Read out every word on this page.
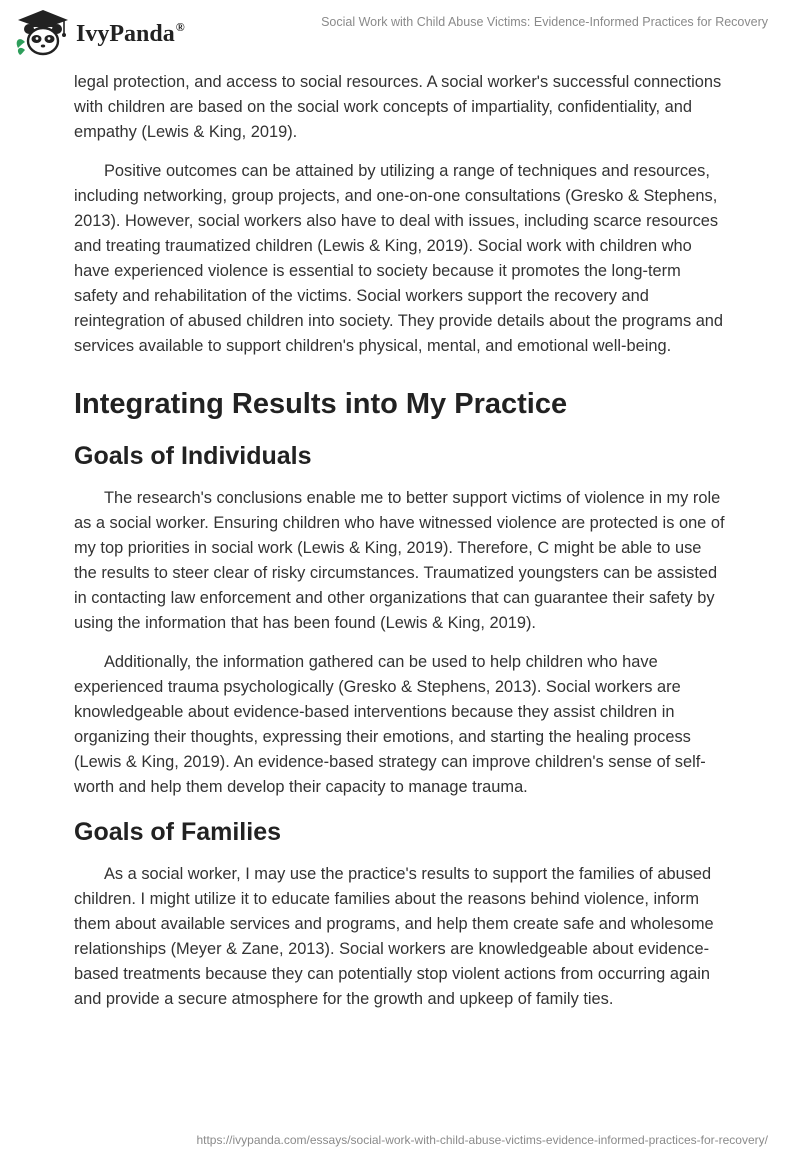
IvyPanda®	Social Work with Child Abuse Victims: Evidence-Informed Practices for Recovery

legal protection, and access to social resources. A social worker's successful connections with children are based on the social work concepts of impartiality, confidentiality, and empathy (Lewis & King, 2019).

Positive outcomes can be attained by utilizing a range of techniques and resources, including networking, group projects, and one-on-one consultations (Gresko & Stephens, 2013). However, social workers also have to deal with issues, including scarce resources and treating traumatized children (Lewis & King, 2019). Social work with children who have experienced violence is essential to society because it promotes the long-term safety and rehabilitation of the victims. Social workers support the recovery and reintegration of abused children into society. They provide details about the programs and services available to support children's physical, mental, and emotional well-being.

Integrating Results into My Practice
Goals of Individuals

The research's conclusions enable me to better support victims of violence in my role as a social worker. Ensuring children who have witnessed violence are protected is one of my top priorities in social work (Lewis & King, 2019). Therefore, C might be able to use the results to steer clear of risky circumstances. Traumatized youngsters can be assisted in contacting law enforcement and other organizations that can guarantee their safety by using the information that has been found (Lewis & King, 2019).

Additionally, the information gathered can be used to help children who have experienced trauma psychologically (Gresko & Stephens, 2013). Social workers are knowledgeable about evidence-based interventions because they assist children in organizing their thoughts, expressing their emotions, and starting the healing process (Lewis & King, 2019). An evidence-based strategy can improve children's sense of self-worth and help them develop their capacity to manage trauma.

Goals of Families

As a social worker, I may use the practice's results to support the families of abused children. I might utilize it to educate families about the reasons behind violence, inform them about available services and programs, and help them create safe and wholesome relationships (Meyer & Zane, 2013). Social workers are knowledgeable about evidence-based treatments because they can potentially stop violent actions from occurring again and provide a secure atmosphere for the growth and upkeep of family ties.

https://ivypanda.com/essays/social-work-with-child-abuse-victims-evidence-informed-practices-for-recovery/
